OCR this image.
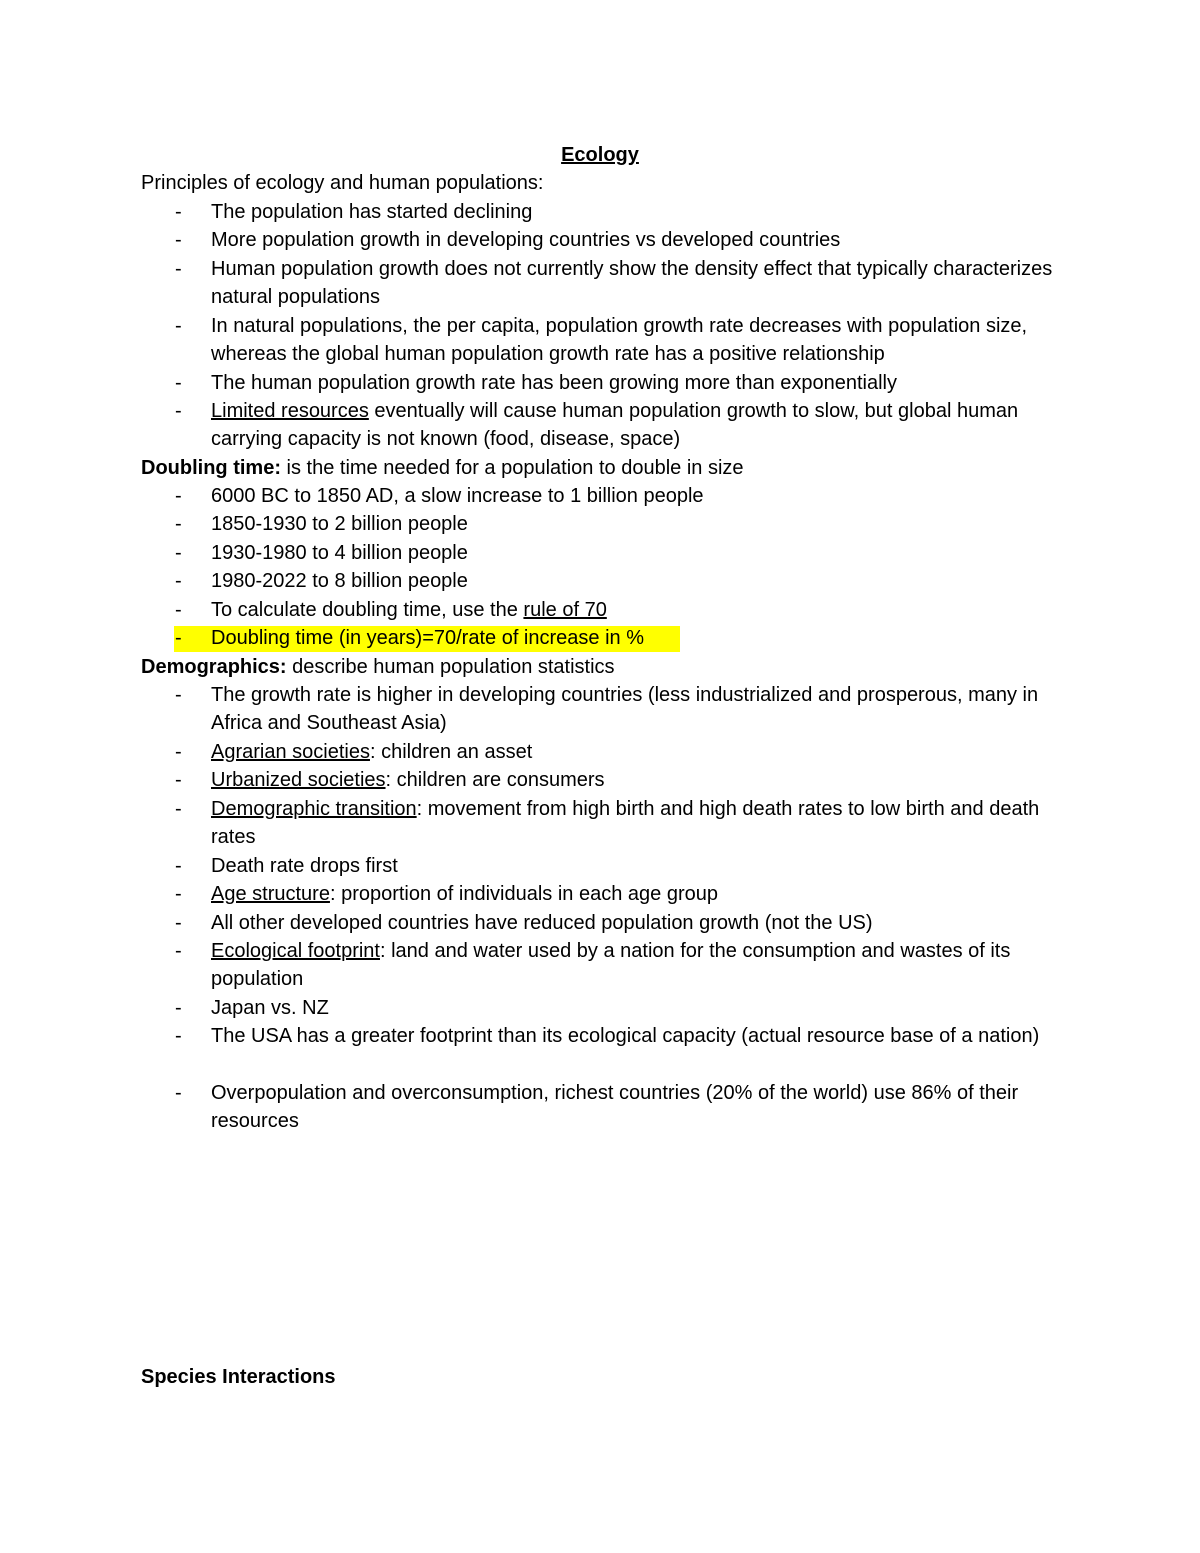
Ecology
Principles of ecology and human populations:
- The population has started declining
- More population growth in developing countries vs developed countries
- Human population growth does not currently show the density effect that typically characterizes natural populations
- In natural populations, the per capita, population growth rate decreases with population size, whereas the global human population growth rate has a positive relationship
- The human population growth rate has been growing more than exponentially
- Limited resources eventually will cause human population growth to slow, but global human carrying capacity is not known (food, disease, space)
Doubling time: is the time needed for a population to double in size
- 6000 BC to 1850 AD, a slow increase to 1 billion people
- 1850-1930 to 2 billion people
- 1930-1980 to 4 billion people
- 1980-2022 to 8 billion people
- To calculate doubling time, use the rule of 70
- Doubling time (in years)=70/rate of increase in %
Demographics: describe human population statistics
- The growth rate is higher in developing countries (less industrialized and prosperous, many in Africa and Southeast Asia)
- Agrarian societies: children an asset
- Urbanized societies: children are consumers
- Demographic transition: movement from high birth and high death rates to low birth and death rates
- Death rate drops first
- Age structure: proportion of individuals in each age group
- All other developed countries have reduced population growth (not the US)
- Ecological footprint: land and water used by a nation for the consumption and wastes of its population
- Japan vs. NZ
- The USA has a greater footprint than its ecological capacity (actual resource base of a nation)
- Overpopulation and overconsumption, richest countries (20% of the world) use 86% of their resources
Species Interactions
